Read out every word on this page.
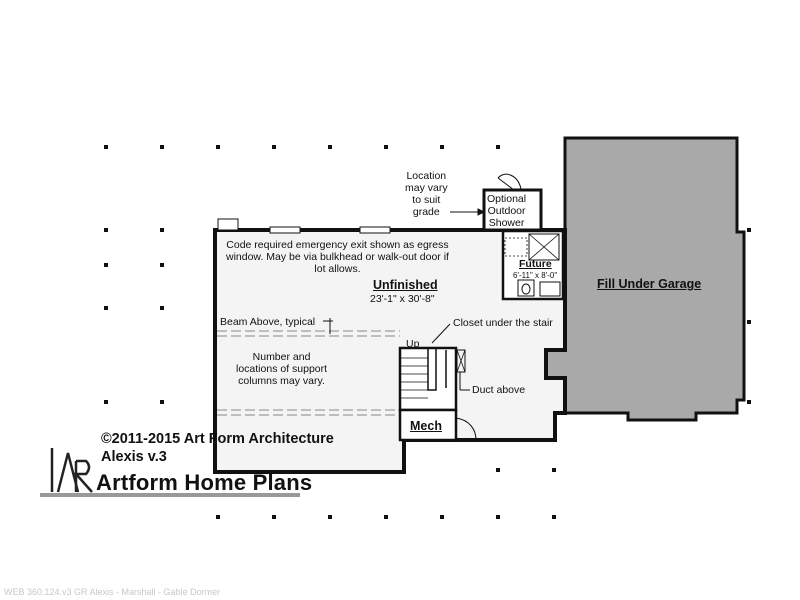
Location
may vary
to suit
grade
Optional
Outdoor
Shower
Code required emergency exit shown as egress
window. May be via bulkhead or walk-out door if
lot allows.
Unfinished
23'-1" x 30'-8"
Future
6'-11" x 8'-0"
Fill Under Garage
Beam Above, typical	Closet under the stair
Up
Number and
locations of support
columns may vary.
Duct above
Mech
©2011-2015 Art Form Architecture
Alexis v.3
Artform Home Plans
WEB 360.124.v3 GR Alexis - Marshall - Gable Dormer
